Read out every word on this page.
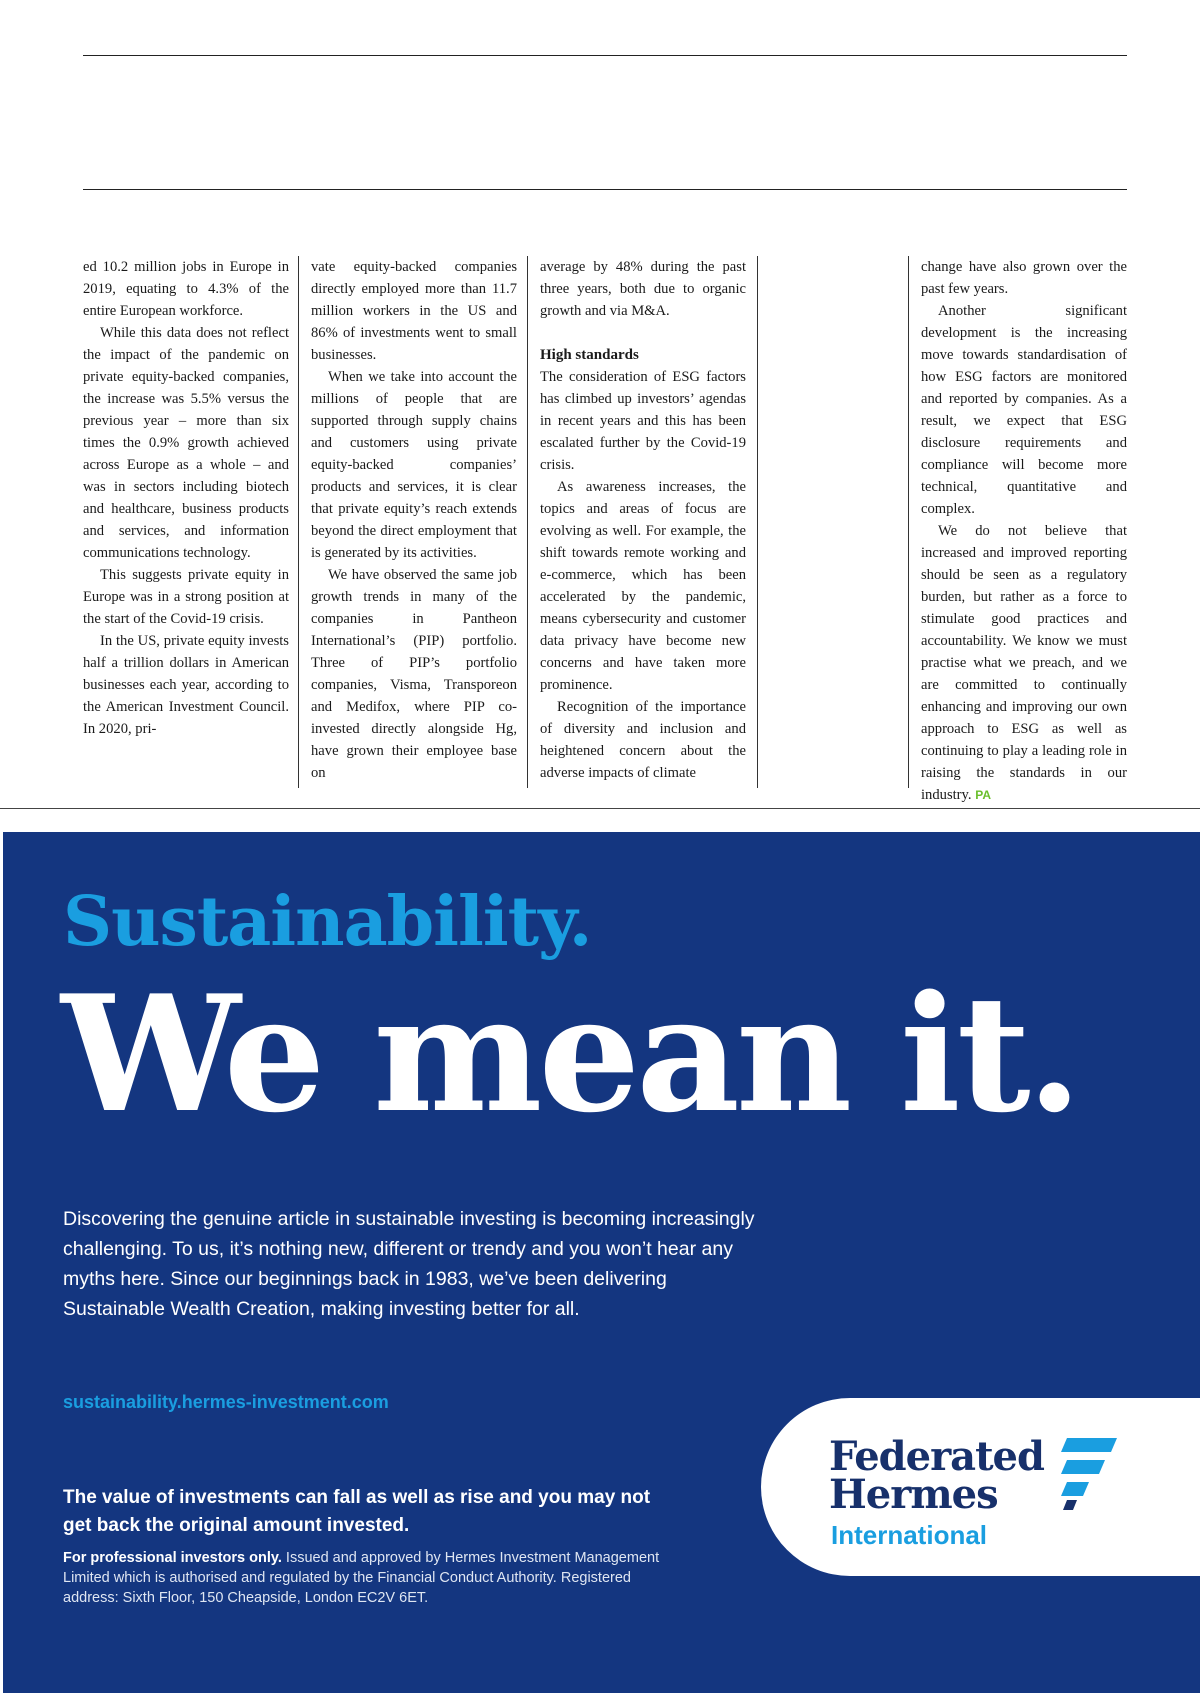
ed 10.2 million jobs in Europe in 2019, equating to 4.3% of the entire European workforce.

While this data does not reflect the impact of the pandemic on private equity-backed companies, the increase was 5.5% versus the previous year – more than six times the 0.9% growth achieved across Europe as a whole – and was in sectors including biotech and healthcare, business products and services, and information communications technology.

This suggests private equity in Europe was in a strong position at the start of the Covid-19 crisis.

In the US, private equity invests half a trillion dollars in American businesses each year, according to the American Investment Council. In 2020, pri-

vate equity-backed companies directly employed more than 11.7 million workers in the US and 86% of investments went to small businesses.

When we take into account the millions of people that are supported through supply chains and customers using private equity-backed companies’ products and services, it is clear that private equity’s reach extends beyond the direct employment that is generated by its activities.

We have observed the same job growth trends in many of the companies in Pantheon International’s (PIP) portfolio. Three of PIP’s portfolio companies, Visma, Transporeon and Medifox, where PIP co-invested directly alongside Hg, have grown their employee base on

average by 48% during the past three years, both due to organic growth and via M&A.

High standards

The consideration of ESG factors has climbed up investors’ agendas in recent years and this has been escalated further by the Covid-19 crisis.

As awareness increases, the topics and areas of focus are evolving as well. For example, the shift towards remote working and e-commerce, which has been accelerated by the pandemic, means cybersecurity and customer data privacy have become new concerns and have taken more prominence.

Recognition of the importance of diversity and inclusion and heightened concern about the adverse impacts of climate

change have also grown over the past few years.

Another significant development is the increasing move towards standardisation of how ESG factors are monitored and reported by companies. As a result, we expect that ESG disclosure requirements and compliance will become more technical, quantitative and complex.

We do not believe that increased and improved reporting should be seen as a regulatory burden, but rather as a force to stimulate good practices and accountability. We know we must practise what we preach, and we are committed to continually enhancing and improving our own approach to ESG as well as continuing to play a leading role in raising the standards in our industry. PA

Sustainability.
We mean it.
Discovering the genuine article in sustainable investing is becoming increasingly challenging. To us, it’s nothing new, different or trendy and you won’t hear any myths here. Since our beginnings back in 1983, we’ve been delivering Sustainable Wealth Creation, making investing better for all.
sustainability.hermes-investment.com
The value of investments can fall as well as rise and you may not get back the original amount invested.
For professional investors only. Issued and approved by Hermes Investment Management Limited which is authorised and regulated by the Financial Conduct Authority. Registered address: Sixth Floor, 150 Cheapside, London EC2V 6ET.
Federated
Hermes
International
